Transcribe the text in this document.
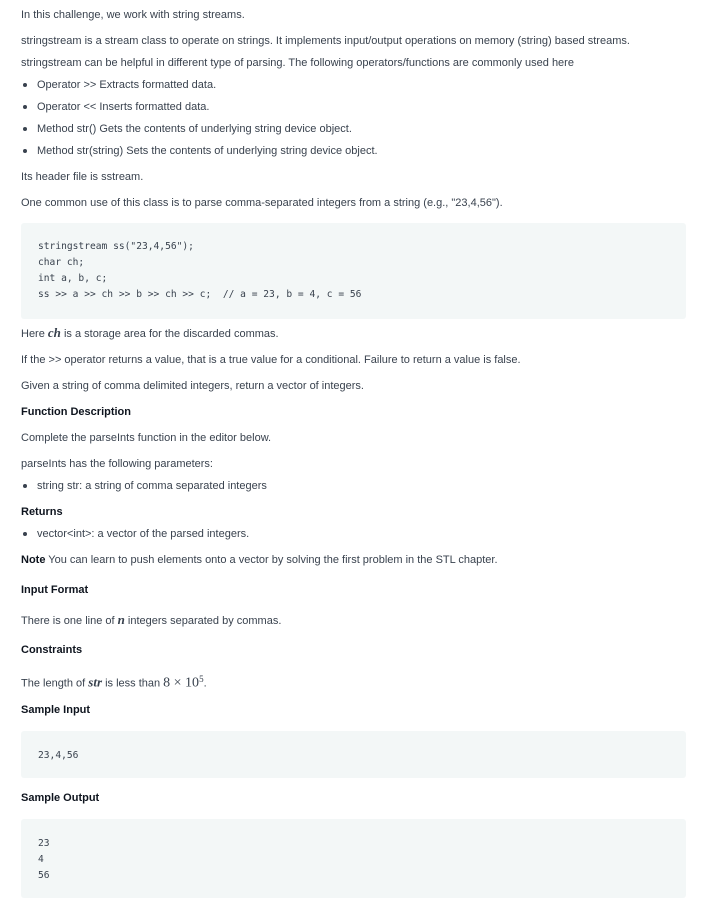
In this challenge, we work with string streams.
stringstream is a stream class to operate on strings. It implements input/output operations on memory (string) based streams.
stringstream can be helpful in different type of parsing. The following operators/functions are commonly used here
Operator >> Extracts formatted data.
Operator << Inserts formatted data.
Method str() Gets the contents of underlying string device object.
Method str(string) Sets the contents of underlying string device object.
Its header file is sstream.
One common use of this class is to parse comma-separated integers from a string (e.g., "23,4,56").
stringstream ss("23,4,56");
char ch;
int a, b, c;
ss >> a >> ch >> b >> ch >> c;  // a = 23, b = 4, c = 56
Here ch is a storage area for the discarded commas.
If the >> operator returns a value, that is a true value for a conditional. Failure to return a value is false.
Given a string of comma delimited integers, return a vector of integers.
Function Description
Complete the parseInts function in the editor below.
parseInts has the following parameters:
string str: a string of comma separated integers
Returns
vector<int>: a vector of the parsed integers.
Note You can learn to push elements onto a vector by solving the first problem in the STL chapter.
Input Format
There is one line of n integers separated by commas.
Constraints
The length of str is less than $8 \times 10^5$.
Sample Input
23,4,56
Sample Output
23
4
56
